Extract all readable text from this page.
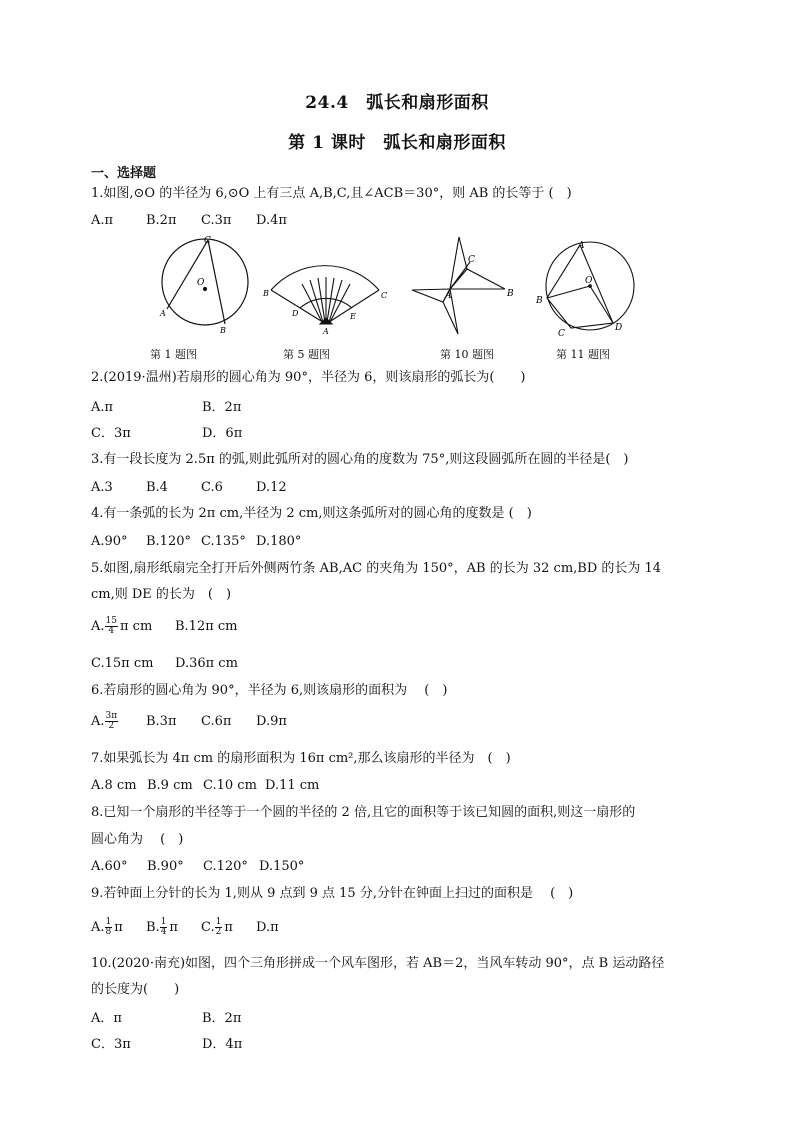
24.4　弧长和扇形面积
第 1 课时　弧长和扇形面积
一、选择题
1.如图,⊙O 的半径为 6,⊙O 上有三点 A,B,C,且∠ACB＝30°，则 AB 的长等于 (　)
A.π	B.2π C.3π D.4π
C
O
A
B
B	C
D	E
A
C
A	B
A
O
B
C
D
第 1 题图	第 5 题图	第 10 题图	第 11 题图
2.(2019·温州)若扇形的圆心角为 90°，半径为 6，则该扇形的弧长为(　　)
A.π	B．2π
C．3π	D．6π
3.有一段长度为 2.5π 的弧,则此弧所对的圆心角的度数为 75°,则这段圆弧所在圆的半径是(　)
A.3	B.4	C.6	D.12
4.有一条弧的长为 2π cm,半径为 2 cm,则这条弧所对的圆心角的度数是 (　)
A.90° B.120° C.135° D.180°
5.如图,扇形纸扇完全打开后外侧两竹条 AB,AC 的夹角为 150°，AB 的长为 32 cm,BD 的长为 14
cm,则 DE 的长为　(　)
A. $\frac{15}{4}$ π cm B.12π cm
C.15π cm D.36π cm
6.若扇形的圆心角为 90°，半径为 6,则该扇形的面积为　 (　)
A. $\frac{3\pi}{2} B.3\pi$ C.6π D.9π
7.如果弧长为 4π cm 的扇形面积为 16π cm²,那么该扇形的半径为　(　)
A.8 cm B.9 cm C.10 cm D.11 cm
8.已知一个扇形的半径等于一个圆的半径的 2 倍,且它的面积等于该已知圆的面积,则这一扇形的
圆心角为　 (　)
A.60° B.90° C.120° D.150°
9.若钟面上分针的长为 1,则从 9 点到 9 点 15 分,分针在钟面上扫过的面积是　 (　)
A. $\frac{1}{8}$ π B. $\frac{1}{4}$ π C. $\frac{1}{2}$ π D.π
10.(2020·南充)如图，四个三角形拼成一个风车图形，若 AB＝2，当风车转动 90°，点 B 运动路径
的长度为(　　)
A．π	B．2π
C．3π	D．4π
